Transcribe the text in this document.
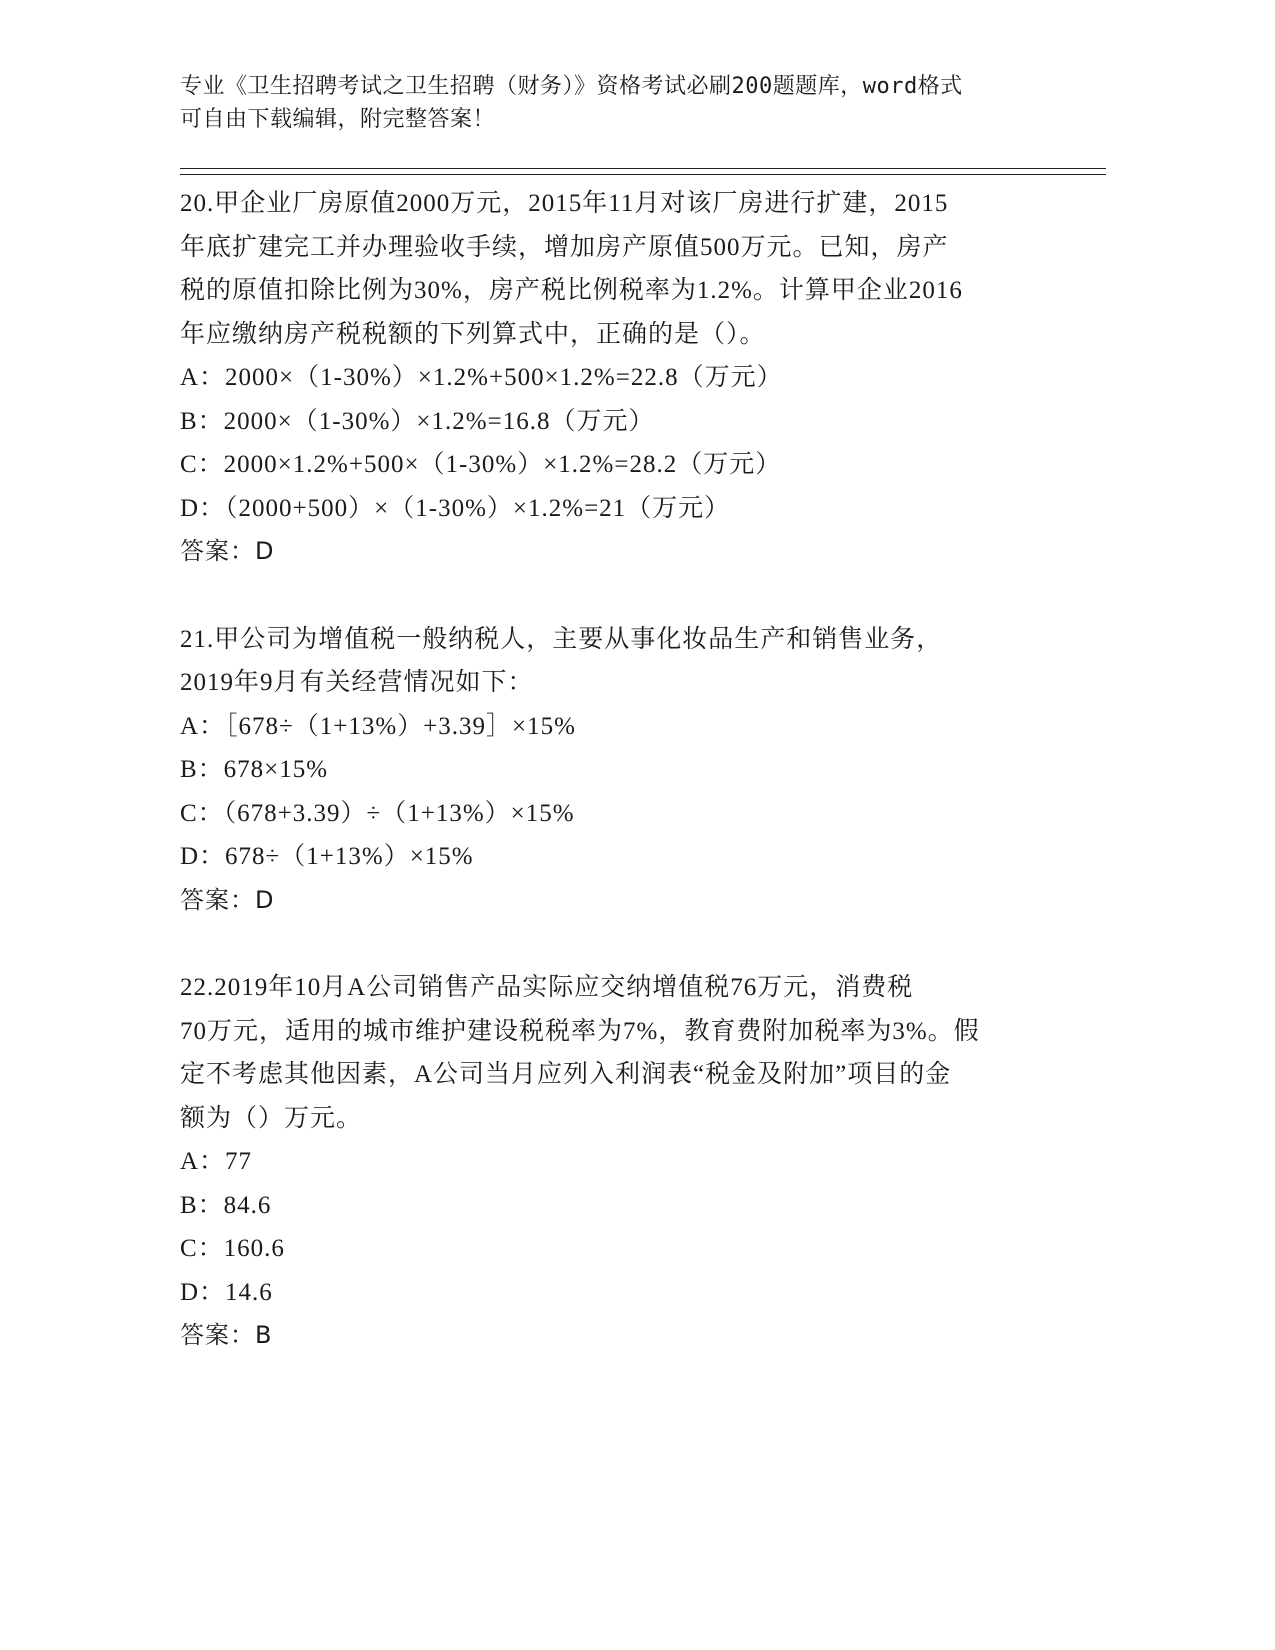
专业《卫生招聘考试之卫生招聘（财务）》资格考试必刷200题题库，word格式
可自由下载编辑，附完整答案！
20.甲企业厂房原值2000万元，2015年11月对该厂房进行扩建，2015
年底扩建完工并办理验收手续，增加房产原值500万元。已知，房产
税的原值扣除比例为30%，房产税比例税率为1.2%。计算甲企业2016
年应缴纳房产税税额的下列算式中，正确的是（）。
A：2000×（1-30%）×1.2%+500×1.2%=22.8（万元）
B：2000×（1-30%）×1.2%=16.8（万元）
C：2000×1.2%+500×（1-30%）×1.2%=28.2（万元）
D：（2000+500）×（1-30%）×1.2%=21（万元）
答案：D
21.甲公司为增值税一般纳税人，主要从事化妆品生产和销售业务，
2019年9月有关经营情况如下：
A：［678÷（1+13%）+3.39］×15%
B：678×15%
C：（678+3.39）÷（1+13%）×15%
D：678÷（1+13%）×15%
答案：D
22.2019年10月A公司销售产品实际应交纳增值税76万元，消费税
70万元，适用的城市维护建设税税率为7%，教育费附加税率为3%。假
定不考虑其他因素，A公司当月应列入利润表“税金及附加”项目的金
额为（）万元。
A：77
B：84.6
C：160.6
D：14.6
答案：B
